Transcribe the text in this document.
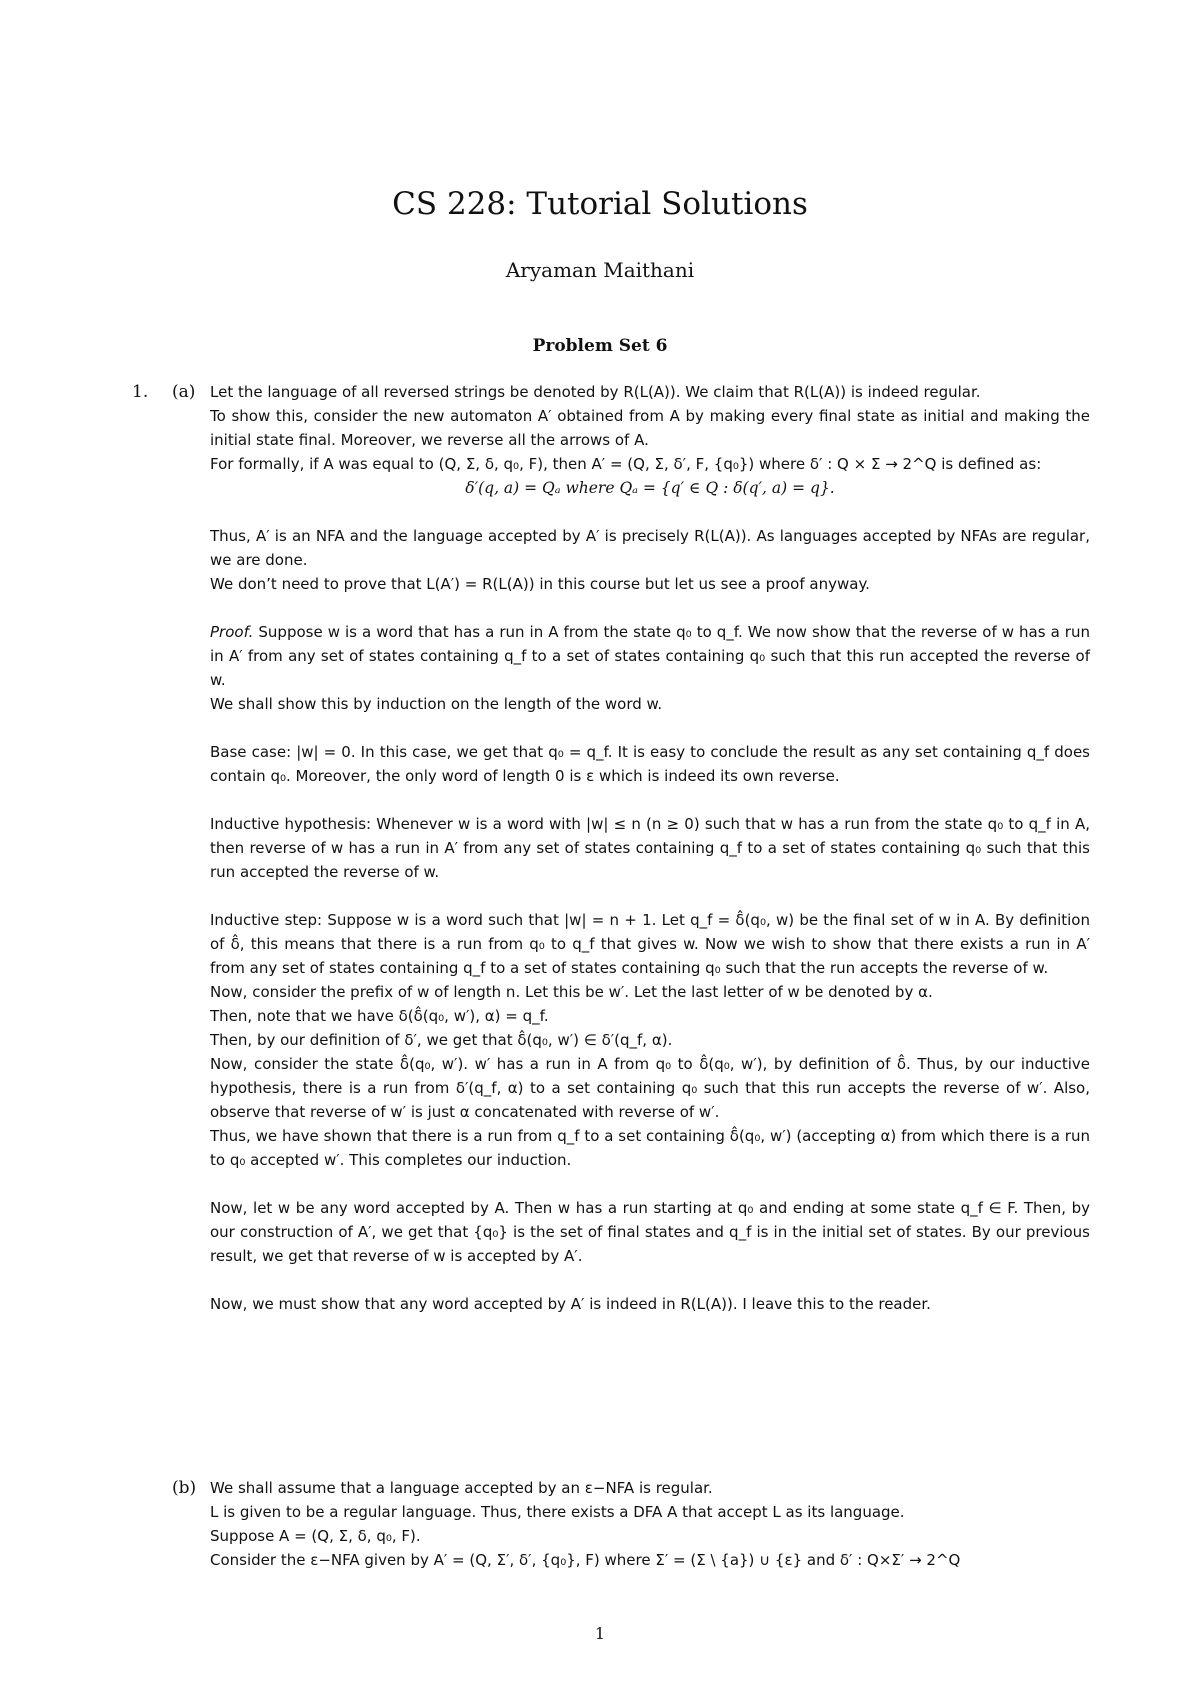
CS 228: Tutorial Solutions
Aryaman Maithani
Problem Set 6
1. (a) Let the language of all reversed strings be denoted by R(L(A)). We claim that R(L(A)) is indeed regular.

To show this, consider the new automaton A′ obtained from A by making every final state as initial and making the initial state final. Moreover, we reverse all the arrows of A.

For formally, if A was equal to (Q, Σ, δ, q₀, F), then A′ = (Q, Σ, δ′, F, {q₀}) where δ′ : Q × Σ → 2^Q is defined as:

δ′(q, a) = Qₐ where Qₐ = {q′ ∈ Q : δ(q′, a) = q}.

Thus, A′ is an NFA and the language accepted by A′ is precisely R(L(A)). As languages accepted by NFAs are regular, we are done.

We don’t need to prove that L(A′) = R(L(A)) in this course but let us see a proof anyway.

Proof. Suppose w is a word that has a run in A from the state q₀ to q_f. We now show that the reverse of w has a run in A′ from any set of states containing q_f to a set of states containing q₀ such that this run accepted the reverse of w.

We shall show this by induction on the length of the word w.

Base case: |w| = 0. In this case, we get that q₀ = q_f. It is easy to conclude the result as any set containing q_f does contain q₀. Moreover, the only word of length 0 is ε which is indeed its own reverse.

Inductive hypothesis: Whenever w is a word with |w| ≤ n (n ≥ 0) such that w has a run from the state q₀ to q_f in A, then reverse of w has a run in A′ from any set of states containing q_f to a set of states containing q₀ such that this run accepted the reverse of w.

Inductive step: Suppose w is a word such that |w| = n + 1. Let q_f = δ̂(q₀, w) be the final set of w in A. By definition of δ̂, this means that there is a run from q₀ to q_f that gives w. Now we wish to show that there exists a run in A′ from any set of states containing q_f to a set of states containing q₀ such that the run accepts the reverse of w.

Now, consider the prefix of w of length n. Let this be w′. Let the last letter of w be denoted by α.

Then, note that we have δ(δ̂(q₀, w′), α) = q_f.

Then, by our definition of δ′, we get that δ̂(q₀, w′) ∈ δ′(q_f, α).

Now, consider the state δ̂(q₀, w′). w′ has a run in A from q₀ to δ̂(q₀, w′), by definition of δ̂. Thus, by our inductive hypothesis, there is a run from δ′(q_f, α) to a set containing q₀ such that this run accepts the reverse of w′. Also, observe that reverse of w′ is just α concatenated with reverse of w′.

Thus, we have shown that there is a run from q_f to a set containing δ̂(q₀, w′) (accepting α) from which there is a run to q₀ accepted w′. This completes our induction.

Now, let w be any word accepted by A. Then w has a run starting at q₀ and ending at some state q_f ∈ F. Then, by our construction of A′, we get that {q₀} is the set of final states and q_f is in the initial set of states. By our previous result, we get that reverse of w is accepted by A′.

Now, we must show that any word accepted by A′ is indeed in R(L(A)). I leave this to the reader.

(b) We shall assume that a language accepted by an ε−NFA is regular.

L is given to be a regular language. Thus, there exists a DFA A that accept L as its language.

Suppose A = (Q, Σ, δ, q₀, F).

Consider the ε−NFA given by A′ = (Q, Σ′, δ′, {q₀}, F) where Σ′ = (Σ \ {a}) ∪ {ε} and δ′ : Q×Σ′ → 2^Q

1
